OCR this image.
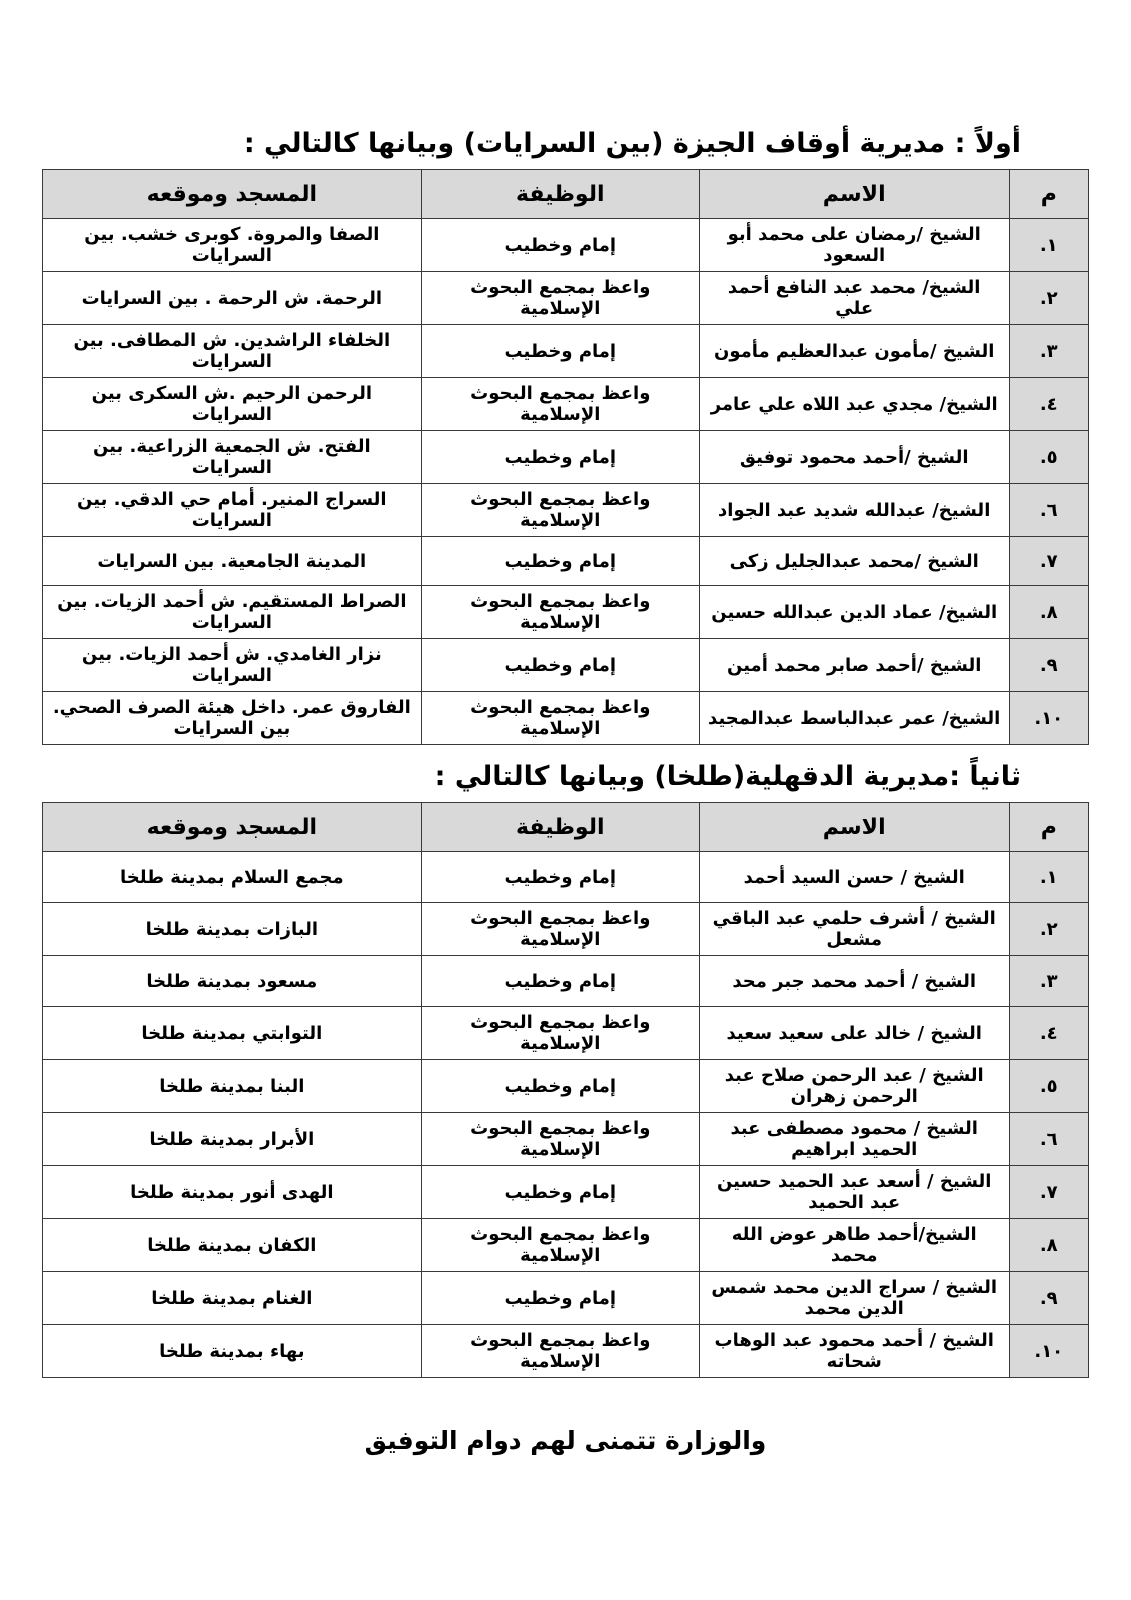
أولاً : مديرية أوقاف الجيزة (بين السرايات) وبيانها كالتالي :
م	الاسم	الوظيفة	المسجد وموقعه
١.	الشيخ /رمضان على محمد أبو السعود	إمام وخطيب	الصفا والمروة. كوبرى خشب. بين السرايات
٢.	الشيخ/ محمد عبد النافع أحمد علي	واعظ بمجمع البحوث الإسلامية	الرحمة. ش الرحمة . بين السرايات
٣.	الشيخ /مأمون عبدالعظيم مأمون	إمام وخطيب	الخلفاء الراشدين. ش المطافى. بين السرايات
٤.	الشيخ/ مجدي عبد اللاه علي عامر	واعظ بمجمع البحوث الإسلامية	الرحمن الرحيم .ش السكرى بين السرايات
٥.	الشيخ /أحمد محمود توفيق	إمام وخطيب	الفتح. ش الجمعية الزراعية. بين السرايات
٦.	الشيخ/ عبدالله شديد عبد الجواد	واعظ بمجمع البحوث الإسلامية	السراج المنير. أمام حي الدقي. بين السرايات
٧.	الشيخ /محمد عبدالجليل زكى	إمام وخطيب	المدينة الجامعية. بين السرايات
٨.	الشيخ/ عماد الدين عبدالله حسين	واعظ بمجمع البحوث الإسلامية	الصراط المستقيم. ش أحمد الزيات. بين السرايات
٩.	الشيخ /أحمد صابر محمد أمين	إمام وخطيب	نزار الغامدي. ش أحمد الزيات. بين السرايات
١٠.	الشيخ/ عمر عبدالباسط عبدالمجيد	واعظ بمجمع البحوث الإسلامية	الفاروق عمر. داخل هيئة الصرف الصحي. بين السرايات
ثانياً :مديرية الدقهلية(طلخا) وبيانها كالتالي :
م	الاسم	الوظيفة	المسجد وموقعه
١.	الشيخ / حسن السيد أحمد	إمام وخطيب	مجمع السلام بمدينة طلخا
٢.	الشيخ / أشرف حلمي عبد الباقي مشعل	واعظ بمجمع البحوث الإسلامية	البازات بمدينة طلخا
٣.	الشيخ / أحمد محمد جبر محد	إمام وخطيب	مسعود بمدينة طلخا
٤.	الشيخ / خالد على سعيد سعيد	واعظ بمجمع البحوث الإسلامية	التوابتي بمدينة طلخا
٥.	الشيخ / عبد الرحمن صلاح عبد الرحمن زهران	إمام وخطيب	البنا بمدينة طلخا
٦.	الشيخ / محمود مصطفى عبد الحميد ابراهيم	واعظ بمجمع البحوث الإسلامية	الأبرار بمدينة طلخا
٧.	الشيخ / أسعد عبد الحميد حسين عبد الحميد	إمام وخطيب	الهدى أنور بمدينة طلخا
٨.	الشيخ/أحمد طاهر عوض الله محمد	واعظ بمجمع البحوث الإسلامية	الكفان بمدينة طلخا
٩.	الشيخ / سراج الدين محمد شمس الدين محمد	إمام وخطيب	الغنام بمدينة طلخا
١٠.	الشيخ / أحمد محمود عبد الوهاب شحاته	واعظ بمجمع البحوث الإسلامية	بهاء بمدينة طلخا
والوزارة تتمنى لهم دوام التوفيق
